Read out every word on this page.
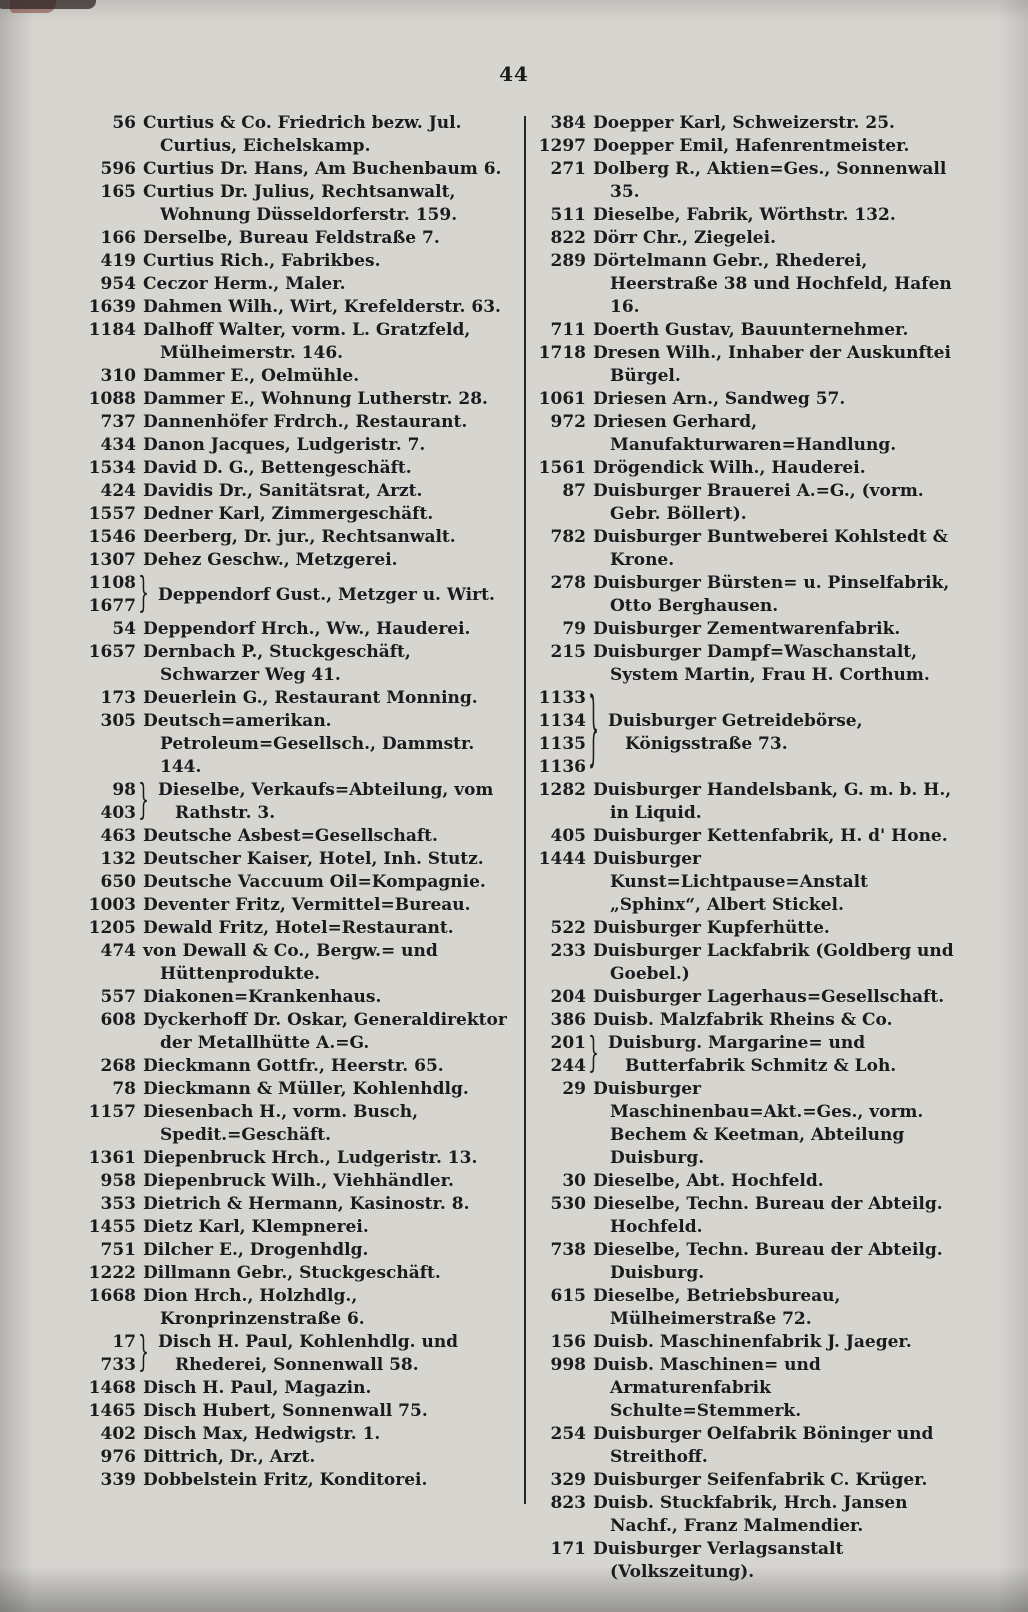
44
56 Curtius & Co. Friedrich bezw. Jul. Curtius, Eichelskamp.
596 Curtius Dr. Hans, Am Buchenbaum 6.
165 Curtius Dr. Julius, Rechtsanwalt, Wohnung Düsseldorferstr. 159.
166 Derselbe, Bureau Feldstraße 7.
419 Curtius Rich., Fabrikbes.
954 Ceczor Herm., Maler.
1639 Dahmen Wilh., Wirt, Krefelderstr. 63.
1184 Dalhoff Walter, vorm. L. Gratzfeld, Mülheimerstr. 146.
310 Dammer E., Oelmühle.
1088 Dammer E., Wohnung Lutherstr. 28.
737 Dannenhöfer Frdrch., Restaurant.
434 Danon Jacques, Ludgeristr. 7.
1534 David D. G., Bettengeschäft.
424 Davidis Dr., Sanitätsrat, Arzt.
1557 Dedner Karl, Zimmergeschäft.
1546 Deerberg, Dr. jur., Rechtsanwalt.
1307 Dehez Geschw., Metzgerei.
1108
1677 } Deppendorf Gust., Metzger u. Wirt.
54 Deppendorf Hrch., Ww., Hauderei.
1657 Dernbach P., Stuckgeschäft, Schwarzer Weg 41.
173 Deuerlein G., Restaurant Monning.
305 Deutsch=amerikan. Petroleum=Gesellsch., Dammstr. 144.
98
403 } Dieselbe, Verkaufs=Abteilung, vom Rathstr. 3.
463 Deutsche Asbest=Gesellschaft.
132 Deutscher Kaiser, Hotel, Inh. Stutz.
650 Deutsche Vaccuum Oil=Kompagnie.
1003 Deventer Fritz, Vermittel=Bureau.
1205 Dewald Fritz, Hotel=Restaurant.
474 von Dewall & Co., Bergw.= und Hüttenprodukte.
557 Diakonen=Krankenhaus.
608 Dyckerhoff Dr. Oskar, Generaldirektor der Metallhütte A.=G.
268 Dieckmann Gottfr., Heerstr. 65.
78 Dieckmann & Müller, Kohlenhdlg.
1157 Diesenbach H., vorm. Busch, Spedit.=Geschäft.
1361 Diepenbruck Hrch., Ludgeristr. 13.
958 Diepenbruck Wilh., Viehhändler.
353 Dietrich & Hermann, Kasinostr. 8.
1455 Dietz Karl, Klempnerei.
751 Dilcher E., Drogenhdlg.
1222 Dillmann Gebr., Stuckgeschäft.
1668 Dion Hrch., Holzhdlg., Kronprinzenstraße 6.
17
733 } Disch H. Paul, Kohlenhdlg. und Rhederei, Sonnenwall 58.
1468 Disch H. Paul, Magazin.
1465 Disch Hubert, Sonnenwall 75.
402 Disch Max, Hedwigstr. 1.
976 Dittrich, Dr., Arzt.
339 Dobbelstein Fritz, Konditorei.
384 Doepper Karl, Schweizerstr. 25.
1297 Doepper Emil, Hafenrentmeister.
271 Dolberg R., Aktien=Ges., Sonnenwall 35.
511 Dieselbe, Fabrik, Wörthstr. 132.
822 Dörr Chr., Ziegelei.
289 Dörtelmann Gebr., Rhederei, Heerstraße 38 und Hochfeld, Hafen 16.
711 Doerth Gustav, Bauunternehmer.
1718 Dresen Wilh., Inhaber der Auskunftei Bürgel.
1061 Driesen Arn., Sandweg 57.
972 Driesen Gerhard, Manufakturwaren=Handlung.
1561 Drögendick Wilh., Hauderei.
87 Duisburger Brauerei A.=G., (vorm. Gebr. Böllert).
782 Duisburger Buntweberei Kohlstedt & Krone.
278 Duisburger Bürsten= u. Pinselfabrik, Otto Berghausen.
79 Duisburger Zementwarenfabrik.
215 Duisburger Dampf=Waschanstalt, System Martin, Frau H. Corthum.
1133
1134
1135
1136 } Duisburger Getreidebörse, Königsstraße 73.
1282 Duisburger Handelsbank, G. m. b. H., in Liquid.
405 Duisburger Kettenfabrik, H. d' Hone.
1444 Duisburger Kunst=Lichtpause=Anstalt „Sphinx“, Albert Stickel.
522 Duisburger Kupferhütte.
233 Duisburger Lackfabrik (Goldberg und Goebel.)
204 Duisburger Lagerhaus=Gesellschaft.
386 Duisb. Malzfabrik Rheins & Co.
201
244 } Duisburg. Margarine= und Butterfabrik Schmitz & Loh.
29 Duisburger Maschinenbau=Akt.=Ges., vorm. Bechem & Keetman, Abteilung Duisburg.
30 Dieselbe, Abt. Hochfeld.
530 Dieselbe, Techn. Bureau der Abteilg. Hochfeld.
738 Dieselbe, Techn. Bureau der Abteilg. Duisburg.
615 Dieselbe, Betriebsbureau, Mülheimerstraße 72.
156 Duisb. Maschinenfabrik J. Jaeger.
998 Duisb. Maschinen= und Armaturenfabrik Schulte=Stemmerk.
254 Duisburger Oelfabrik Böninger und Streithoff.
329 Duisburger Seifenfabrik C. Krüger.
823 Duisb. Stuckfabrik, Hrch. Jansen Nachf., Franz Malmendier.
171 Duisburger Verlagsanstalt (Volkszeitung).
